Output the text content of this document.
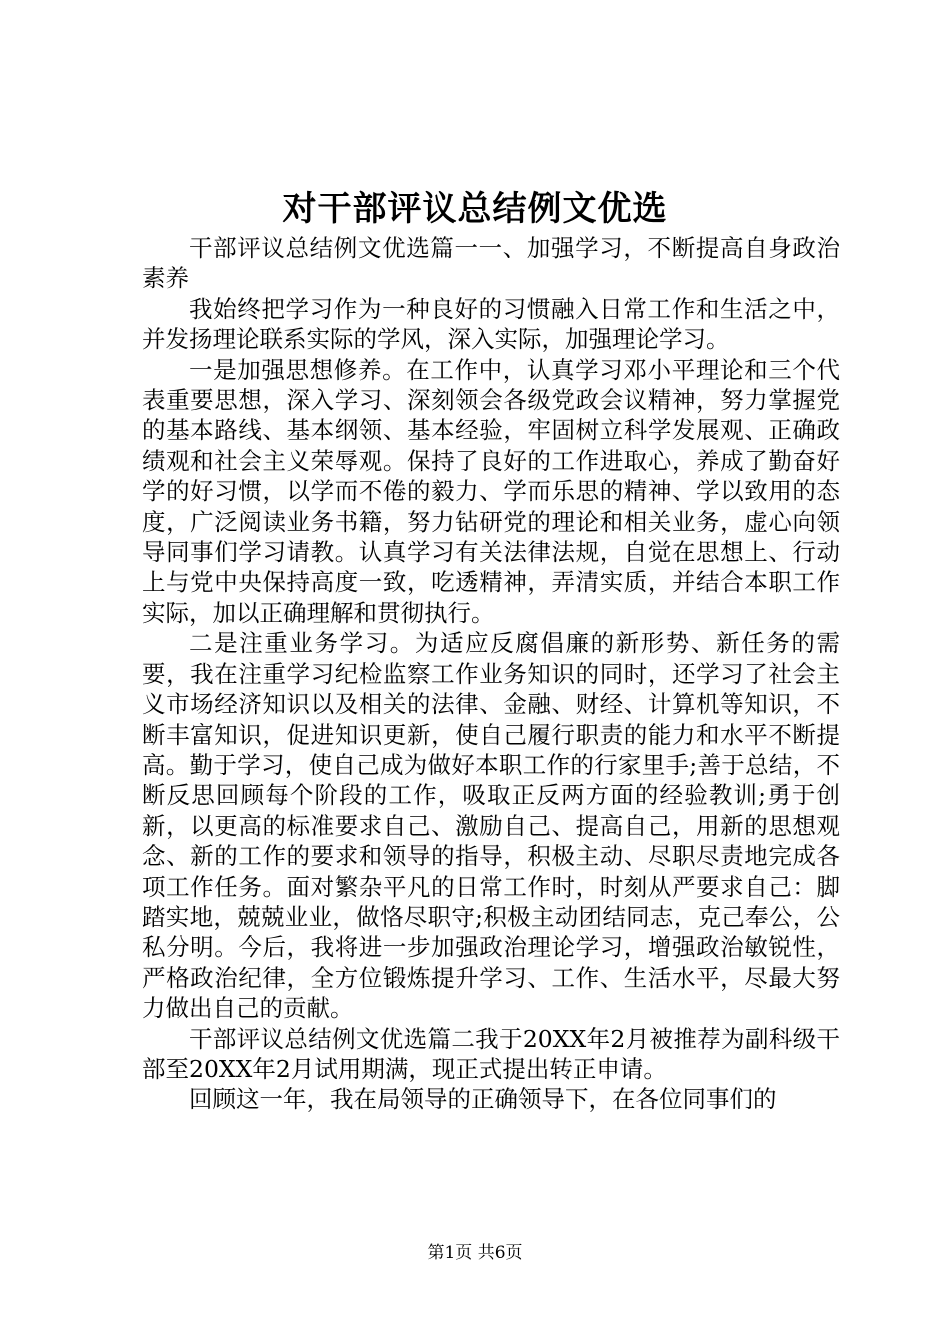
对干部评议总结例文优选

干部评议总结例文优选篇一一、加强学习，不断提高自身政治素养

我始终把学习作为一种良好的习惯融入日常工作和生活之中，并发扬理论联系实际的学风，深入实际，加强理论学习。

一是加强思想修养。在工作中，认真学习邓小平理论和三个代表重要思想，深入学习、深刻领会各级党政会议精神，努力掌握党的基本路线、基本纲领、基本经验，牢固树立科学发展观、正确政绩观和社会主义荣辱观。保持了良好的工作进取心，养成了勤奋好学的好习惯，以学而不倦的毅力、学而乐思的精神、学以致用的态度，广泛阅读业务书籍，努力钻研党的理论和相关业务，虚心向领导同事们学习请教。认真学习有关法律法规，自觉在思想上、行动上与党中央保持高度一致，吃透精神，弄清实质，并结合本职工作实际，加以正确理解和贯彻执行。

二是注重业务学习。为适应反腐倡廉的新形势、新任务的需要，我在注重学习纪检监察工作业务知识的同时，还学习了社会主义市场经济知识以及相关的法律、金融、财经、计算机等知识，不断丰富知识，促进知识更新，使自己履行职责的能力和水平不断提高。勤于学习，使自己成为做好本职工作的行家里手;善于总结，不断反思回顾每个阶段的工作，吸取正反两方面的经验教训;勇于创新，以更高的标准要求自己、激励自己、提高自己，用新的思想观念、新的工作的要求和领导的指导，积极主动、尽职尽责地完成各项工作任务。面对繁杂平凡的日常工作时，时刻从严要求自己：脚踏实地，兢兢业业，做恪尽职守;积极主动团结同志，克己奉公，公私分明。今后，我将进一步加强政治理论学习，增强政治敏锐性，严格政治纪律，全方位锻炼提升学习、工作、生活水平，尽最大努力做出自己的贡献。

干部评议总结例文优选篇二我于20XX年2月被推荐为副科级干部至20XX年2月试用期满，现正式提出转正申请。

回顾这一年，我在局领导的正确领导下，在各位同事们的

第1页 共6页
